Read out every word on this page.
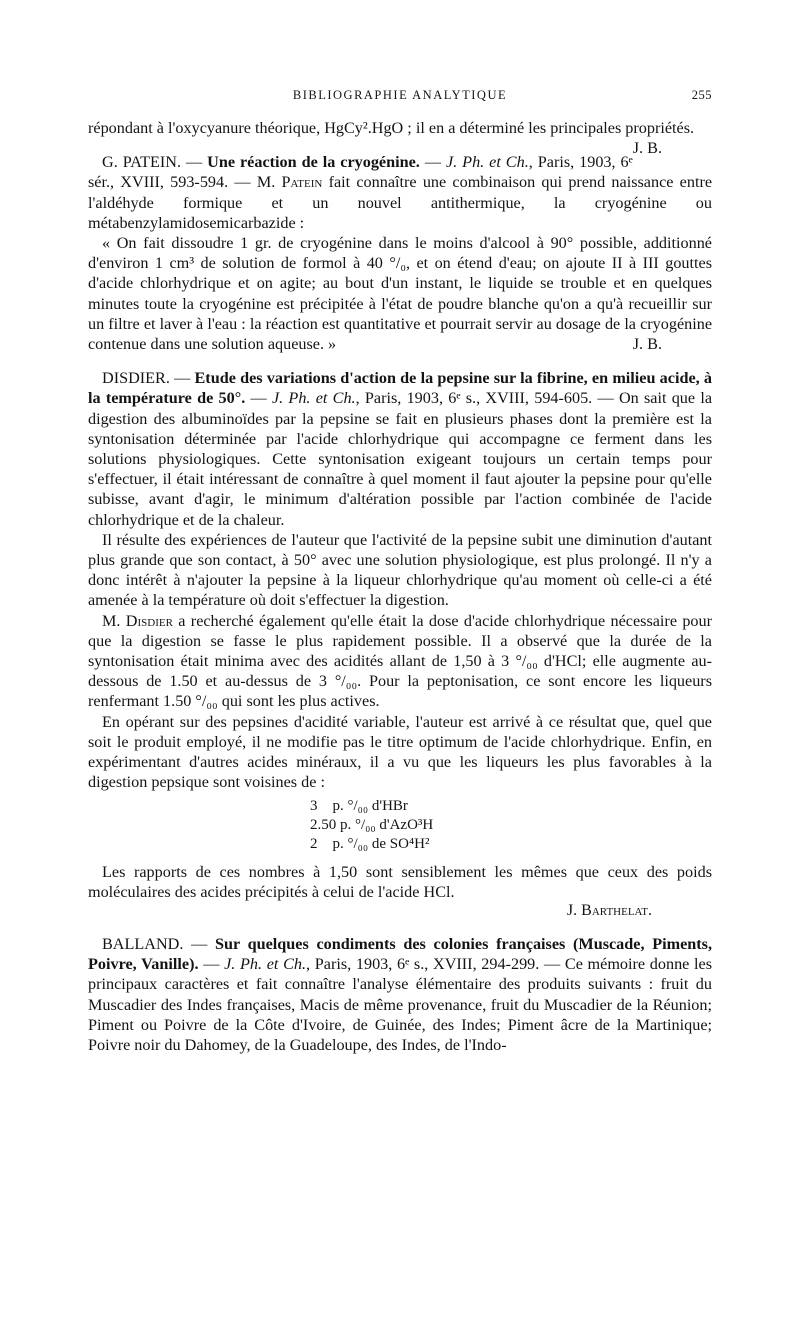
BIBLIOGRAPHIE ANALYTIQUE	255

répondant à l'oxycyanure théorique, HgCy².HgO ; il en a déterminé les principales propriétés.
J. B.

G. PATEIN. — Une réaction de la cryogénine. — J. Ph. et Ch., Paris, 1903, 6ᵉ sér., XVIII, 593-594. — M. Patein fait connaître une combinaison qui prend naissance entre l'aldéhyde formique et un nouvel antithermique, la cryogénine ou métabenzylamidosemicarbazide :

« On fait dissoudre 1 gr. de cryogénine dans le moins d'alcool à 90° possible, additionné d'environ 1 cm³ de solution de formol à 40 °/₀, et on étend d'eau; on ajoute II à III gouttes d'acide chlorhydrique et on agite; au bout d'un instant, le liquide se trouble et en quelques minutes toute la cryogénine est précipitée à l'état de poudre blanche qu'on a qu'à recueillir sur un filtre et laver à l'eau : la réaction est quantitative et pourrait servir au dosage de la cryogénine contenue dans une solution aqueuse. »	J. B.

DISDIER. — Etude des variations d'action de la pepsine sur la fibrine, en milieu acide, à la température de 50°. — J. Ph. et Ch., Paris, 1903, 6ᵉ s., XVIII, 594-605. — On sait que la digestion des albuminoïdes par la pepsine se fait en plusieurs phases dont la première est la syntonisation déterminée par l'acide chlorhydrique qui accompagne ce ferment dans les solutions physiologiques. Cette syntonisation exigeant toujours un certain temps pour s'effectuer, il était intéressant de connaître à quel moment il faut ajouter la pepsine pour qu'elle subisse, avant d'agir, le minimum d'altération possible par l'action combinée de l'acide chlorhydrique et de la chaleur.

Il résulte des expériences de l'auteur que l'activité de la pepsine subit une diminution d'autant plus grande que son contact, à 50° avec une solution physiologique, est plus prolongé. Il n'y a donc intérêt à n'ajouter la pepsine à la liqueur chlorhydrique qu'au moment où celle-ci a été amenée à la température où doit s'effectuer la digestion.

M. Disdier a recherché également qu'elle était la dose d'acide chlorhydrique nécessaire pour que la digestion se fasse le plus rapidement possible. Il a observé que la durée de la syntonisation était minima avec des acidités allant de 1,50 à 3 °/₀₀ d'HCl; elle augmente au-dessous de 1.50 et au-dessus de 3 °/₀₀. Pour la peptonisation, ce sont encore les liqueurs renfermant 1.50 °/₀₀ qui sont les plus actives.

En opérant sur des pepsines d'acidité variable, l'auteur est arrivé à ce résultat que, quel que soit le produit employé, il ne modifie pas le titre optimum de l'acide chlorhydrique. Enfin, en expérimentant d'autres acides minéraux, il a vu que les liqueurs les plus favorables à la digestion pepsique sont voisines de :

3    p. °/₀₀ d'HBr
2.50 p. °/₀₀ d'AzO³H
2    p. °/₀₀ de SO⁴H²

Les rapports de ces nombres à 1,50 sont sensiblement les mêmes que ceux des poids moléculaires des acides précipités à celui de l'acide HCl.

J. Barthelat.

BALLAND. — Sur quelques condiments des colonies françaises (Muscade, Piments, Poivre, Vanille). — J. Ph. et Ch., Paris, 1903, 6ᵉ s., XVIII, 294-299. — Ce mémoire donne les principaux caractères et fait connaître l'analyse élémentaire des produits suivants : fruit du Muscadier des Indes françaises, Macis de même provenance, fruit du Muscadier de la Réunion; Piment ou Poivre de la Côte d'Ivoire, de Guinée, des Indes; Piment âcre de la Martinique; Poivre noir du Dahomey, de la Guadeloupe, des Indes, de l'Indo-
